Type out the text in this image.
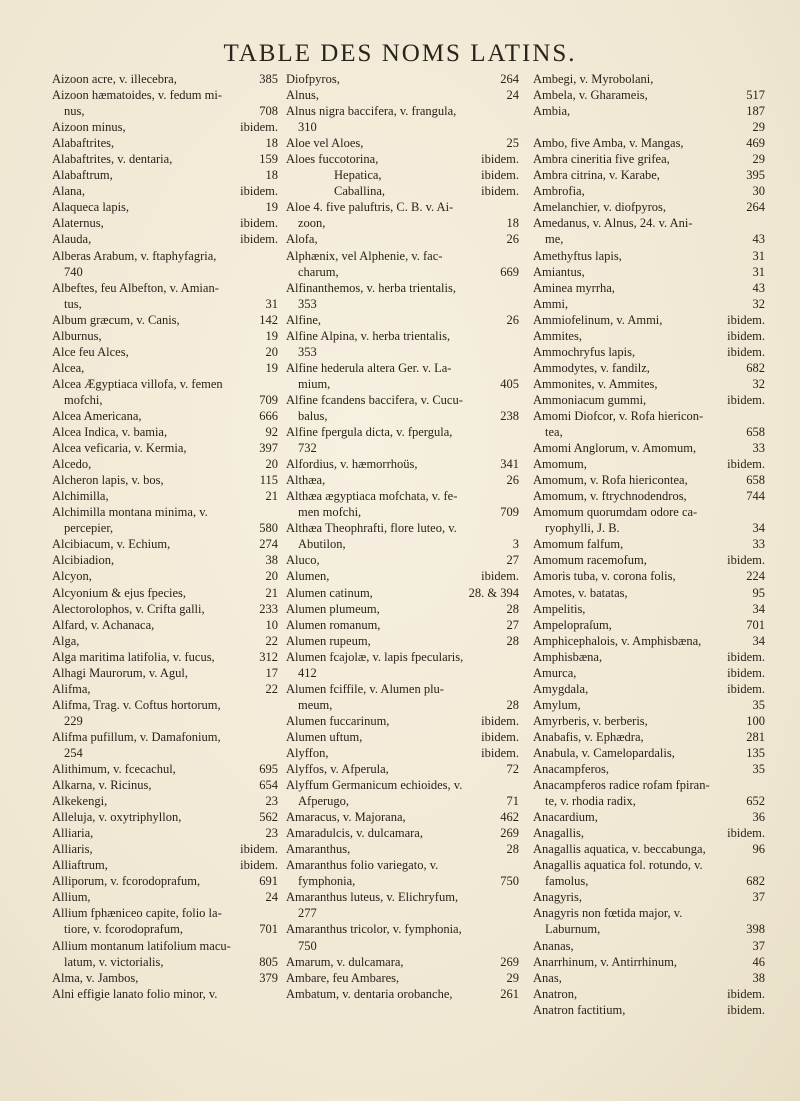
TABLE DES NOMS LATINS.
Aizoon acre, v. illecebra,	385
Aizoon hæmatoides, v. fedum mi-
nus,	708
Aizoon minus,	ibidem.
Alabaftrites,	18
Alabaftrites, v. dentaria,	159
Alabaftrum,	18
Alana,	ibidem.
Alaqueca lapis,	19
Alaternus,	ibidem.
Alauda,	ibidem.
Alberas Arabum, v. ftaphyfagria,
740
Albeftes, feu Albefton, v. Amian-
tus,	31
Album græcum, v. Canis,	142
Alburnus,	19
Alce feu Alces,	20
Alcea,	19
Alcea Ægyptiaca villofa, v. femen
mofchi,	709
Alcea Americana,	666
Alcea Indica, v. bamia,	92
Alcea veficaria, v. Kermia,	397
Alcedo,	20
Alcheron lapis, v. bos,	115
Alchimilla,	21
Alchimilla montana minima, v.
percepier,	580
Alcibiacum, v. Echium,	274
Alcibiadion,	38
Alcyon,	20
Alcyonium & ejus fpecies,	21
Alectorolophos, v. Crifta galli,	233
Alfard, v. Achanaca,	10
Alga,	22
Alga maritima latifolia, v. fucus,	312
Alhagi Maurorum, v. Agul,	17
Alifma,	22
Alifma, Trag. v. Coftus hortorum,
229
Alifma pufillum, v. Damafonium,
254
Alithimum, v. fcecachul,	695
Alkarna, v. Ricinus,	654
Alkekengi,	23
Alleluja, v. oxytriphyllon,	562
Alliaria,	23
Alliaris,	ibidem.
Alliaftrum,	ibidem.
Alliporum, v. fcorodoprafum,	691
Allium,	24
Allium fphæniceo capite, folio la-
tiore, v. fcorodoprafum,	701
Allium montanum latifolium macu-
latum, v. victorialis,	805
Alma, v. Jambos,	379
Alni effigie lanato folio minor, v.
Diofpyros,	264
Alnus,	24
Alnus nigra baccifera, v. frangula,
310
Aloe vel Aloes,	25
Aloes fuccotorina,	ibidem.
Hepatica,	ibidem.
Caballina,	ibidem.
Aloe 4. five paluftris, C. B. v. Ai-
zoon,	18
Alofa,	26
Alphænix, vel Alphenie, v. fac-
charum,	669
Alfinanthemos, v. herba trientalis,
353
Alfine,	26
Alfine Alpina, v. herba trientalis,
353
Alfine hederula altera Ger. v. La-
mium,	405
Alfine fcandens baccifera, v. Cucu-
balus,	238
Alfine fpergula dicta, v. fpergula,
732
Alfordius, v. hæmorrhoüs,	341
Althæa,	26
Althæa ægyptiaca mofchata, v. fe-
men mofchi,	709
Althæa Theophrafti, flore luteo, v.
Abutilon,	3
Aluco,	27
Alumen,	ibidem.
Alumen catinum,	28. & 394
Alumen plumeum,	28
Alumen romanum,	27
Alumen rupeum,	28
Alumen fcajolæ, v. lapis fpecularis,
412
Alumen fciffile, v. Alumen plu-
meum,	28
Alumen fuccarinum,	ibidem.
Alumen uftum,	ibidem.
Alyffon,	ibidem.
Alyffos, v. Afperula,	72
Alyffum Germanicum echioides, v.
Afperugo,	71
Amaracus, v. Majorana,	462
Amaradulcis, v. dulcamara,	269
Amaranthus,	28
Amaranthus folio variegato, v.
fymphonia,	750
Amaranthus luteus, v. Elichryfum,
277
Amaranthus tricolor, v. fymphonia,
750
Amarum, v. dulcamara,	269
Ambare, feu Ambares,	29
Ambatum, v. dentaria orobanche,	261
Ambegi, v. Myrobolani,
Ambela, v. Gharameis,	517
Ambia,	187
29
Ambo, five Amba, v. Mangas,	469
Ambra cineritia five grifea,	29
Ambra citrina, v. Karabe,	395
Ambrofia,	30
Amelanchier, v. diofpyros,	264
Amedanus, v. Alnus, 24. v. Ani-
me,	43
Amethyftus lapis,	31
Amiantus,	31
Aminea myrrha,	43
Ammi,	32
Ammiofelinum, v. Ammi,	ibidem.
Ammites,	ibidem.
Ammochryfus lapis,	ibidem.
Ammodytes, v. fandilz,	682
Ammonites, v. Ammites,	32
Ammoniacum gummi,	ibidem.
Amomi Diofcor, v. Rofa hiericon-
tea,	658
Amomi Anglorum, v. Amomum,	33
Amomum,	ibidem.
Amomum, v. Rofa hiericontea,	658
Amomum, v. ftrychnodendros,	744
Amomum quorumdam odore ca-
ryophylli, J. B.	34
Amomum falfum,	33
Amomum racemofum,	ibidem.
Amoris tuba, v. corona folis,	224
Amotes, v. batatas,	95
Ampelitis,	34
Ampelopraſum,	701
Amphicephalois, v. Amphisbæna,	34
Amphisbæna,	ibidem.
Amurca,	ibidem.
Amygdala,	ibidem.
Amylum,	35
Amyrberis, v. berberis,	100
Anabafis, v. Ephædra,	281
Anabula, v. Camelopardalis,	135
Anacampferos,	35
Anacampferos radice rofam fpiran-
te, v. rhodia radix,	652
Anacardium,	36
Anagallis,	ibidem.
Anagallis aquatica, v. beccabunga,	96
Anagallis aquatica fol. rotundo, v.
famolus,	682
Anagyris,	37
Anagyris non fœtida major, v.
Laburnum,	398
Ananas,	37
Anarrhinum, v. Antirrhinum,	46
Anas,	38
Anatron,	ibidem.
Anatron factitium,	ibidem.
